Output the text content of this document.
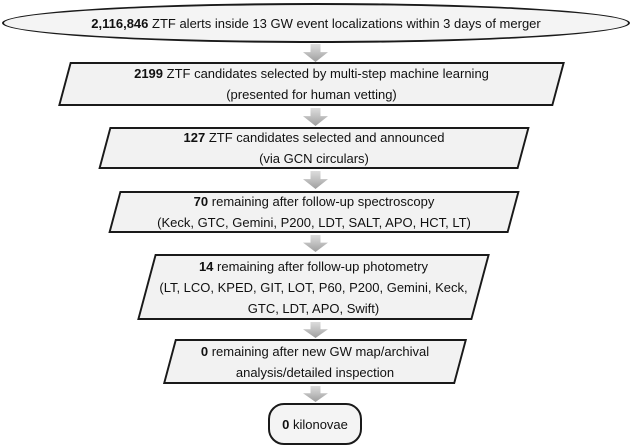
2,116,846 ZTF alerts inside 13 GW event localizations within 3 days of merger
2199 ZTF candidates selected by multi-step machine learning
(presented for human vetting)
127 ZTF candidates selected and announced
(via GCN circulars)
70 remaining after follow-up spectroscopy
(Keck, GTC, Gemini, P200, LDT, SALT, APO, HCT, LT)
14 remaining after follow-up photometry
(LT, LCO, KPED, GIT, LOT, P60, P200, Gemini, Keck,
GTC, LDT, APO, Swift)
0 remaining after new GW map/archival
analysis/detailed inspection
0 kilonovae
